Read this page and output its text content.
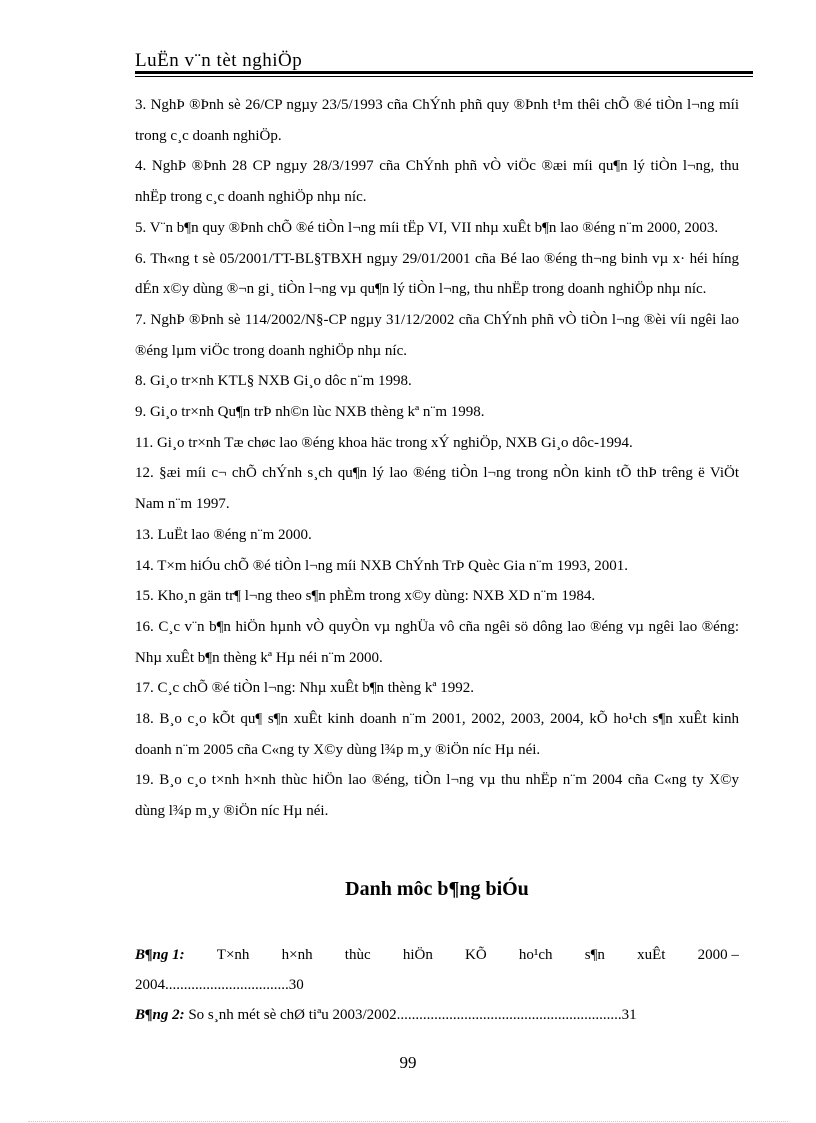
LuËn v¨n tèt nghiÖp

3. NghÞ ®Þnh sè 26/CP ngµy 23/5/1993 cña ChÝnh phñ quy ®Þnh t¹m thêi chÕ ®é tiÒn l¬ng míi trong c¸c doanh nghiÖp.

4. NghÞ ®Þnh 28 CP ngµy 28/3/1997 cña ChÝnh phñ vÒ viÖc ®æi míi qu¶n lý tiÒn l¬ng, thu nhËp trong c¸c doanh nghiÖp nhµ níc.

5. V¨n b¶n quy ®Þnh chÕ ®é tiÒn l¬ng míi tËp VI, VII nhµ xuÊt b¶n lao ®éng n¨m 2000, 2003.

6. Th«ng t sè 05/2001/TT-BL§TBXH ngµy 29/01/2001 cña Bé lao ®éng th¬ng binh vµ x· héi híng dÉn x©y dùng ®¬n gi¸ tiÒn l¬ng vµ qu¶n lý tiÒn l¬ng, thu nhËp trong doanh nghiÖp nhµ níc.

7. NghÞ ®Þnh sè 114/2002/N§-CP ngµy 31/12/2002 cña ChÝnh phñ vÒ tiÒn l¬ng ®èi víi ngêi lao ®éng lµm viÖc trong doanh nghiÖp nhµ níc.

8. Gi¸o tr×nh KTL§ NXB Gi¸o dôc n¨m 1998.

9. Gi¸o tr×nh Qu¶n trÞ nh©n lùc NXB thèng kª n¨m 1998.

11. Gi¸o tr×nh Tæ chøc lao ®éng khoa häc trong xÝ nghiÖp, NXB Gi¸o dôc-1994.

12. §æi míi c¬ chÕ chÝnh s¸ch qu¶n lý lao ®éng tiÒn l¬ng trong nÒn kinh tÕ thÞ trêng ë ViÖt Nam n¨m 1997.

13. LuËt lao ®éng n¨m 2000.

14. T×m hiÓu chÕ ®é tiÒn l¬ng míi NXB ChÝnh TrÞ Quèc Gia n¨m 1993, 2001.

15. Kho¸n gän tr¶ l¬ng theo s¶n phÈm trong x©y dùng: NXB XD n¨m 1984.

16. C¸c v¨n b¶n hiÖn hµnh vÒ quyÒn vµ nghÜa vô cña ngêi sö dông lao ®éng vµ ngêi lao ®éng: Nhµ xuÊt b¶n thèng kª Hµ néi n¨m 2000.

17. C¸c chÕ ®é tiÒn l¬ng: Nhµ xuÊt b¶n thèng kª 1992.

18. B¸o c¸o kÕt qu¶ s¶n xuÊt kinh doanh n¨m 2001, 2002, 2003, 2004, kÕ ho¹ch s¶n xuÊt kinh doanh n¨m 2005 cña C«ng ty X©y dùng l¾p m¸y ®iÖn níc Hµ néi.

19. B¸o c¸o t×nh h×nh thùc hiÖn lao ®éng, tiÒn l¬ng vµ thu nhËp n¨m 2004 cña C«ng ty X©y dùng l¾p m¸y ®iÖn níc Hµ néi.

Danh môc b¶ng biÓu

B¶ng 1: T×nh h×nh thùc hiÖn KÕ ho¹ch s¶n xuÊt 2000 –

2004.................................30

B¶ng 2: So s¸nh mét sè chØ tiªu 2003/2002............................................................31

99
